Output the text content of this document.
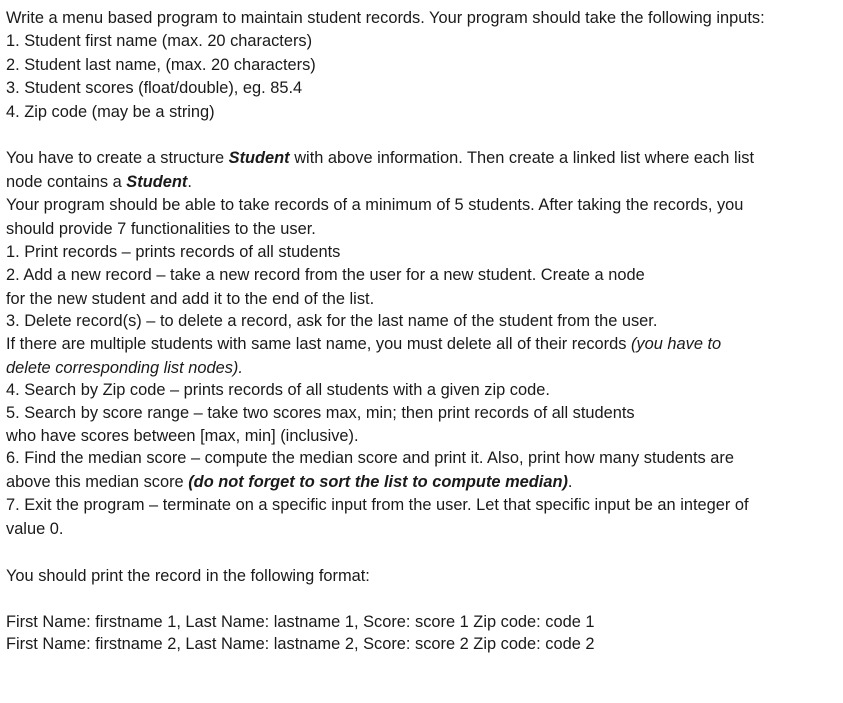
Write a menu based program to maintain student records. Your program should take the following inputs:
1. Student first name (max. 20 characters)
2. Student last name, (max. 20 characters)
3. Student scores (float/double), eg. 85.4
4. Zip code (may be a string)
You have to create a structure Student with above information. Then create a linked list where each list
node contains a Student.
Your program should be able to take records of a minimum of 5 students. After taking the records, you
should provide 7 functionalities to the user.
1. Print records – prints records of all students
2. Add a new record – take a new record from the user for a new student. Create a node
for the new student and add it to the end of the list.
3. Delete record(s) – to delete a record, ask for the last name of the student from the user.
If there are multiple students with same last name, you must delete all of their records (you have to
delete corresponding list nodes).
4. Search by Zip code – prints records of all students with a given zip code.
5. Search by score range – take two scores max, min; then print records of all students
who have scores between [max, min] (inclusive).
6. Find the median score – compute the median score and print it. Also, print how many students are
above this median score (do not forget to sort the list to compute median).
7. Exit the program – terminate on a specific input from the user. Let that specific input be an integer of
value 0.
You should print the record in the following format:
First Name: firstname 1, Last Name: lastname 1, Score: score 1 Zip code: code 1
First Name: firstname 2, Last Name: lastname 2, Score: score 2 Zip code: code 2
